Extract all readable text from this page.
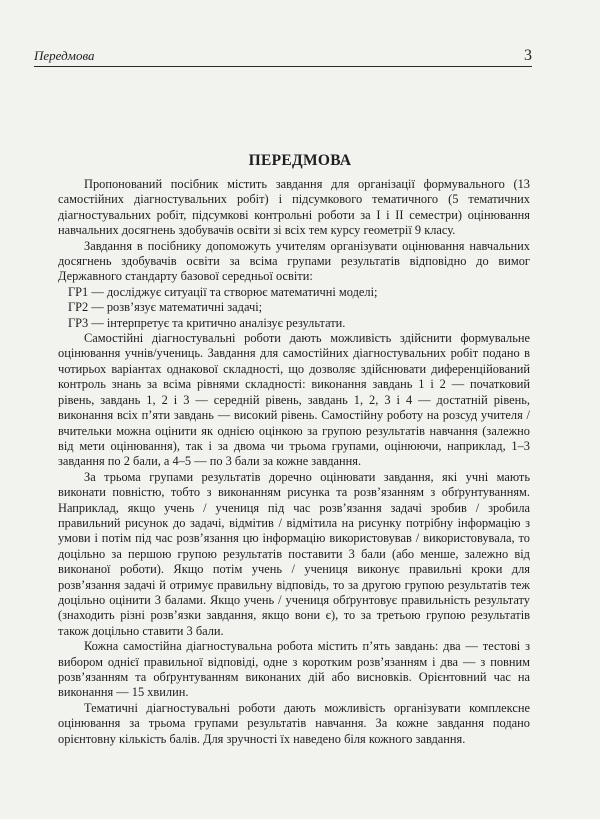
Передмова	3
ПЕРЕДМОВА

Пропонований посібник містить завдання для організації формувального (13 самостійних діагностувальних робіт) і підсумкового тематичного (5 тематичних діагностувальних робіт, підсумкові контрольні роботи за I і II семестри) оцінювання навчальних досягнень здобувачів освіти зі всіх тем курсу геометрії 9 класу.

Завдання в посібнику допоможуть учителям організувати оцінювання навчальних досягнень здобувачів освіти за всіма групами результатів відповідно до вимог Державного стандарту базової середньої освіти:

ГР1 — досліджує ситуації та створює математичні моделі;

ГР2 — розв’язує математичні задачі;

ГР3 — інтерпретує та критично аналізує результати.

Самостійні діагностувальні роботи дають можливість здійснити формувальне оцінювання учнів/учениць. Завдання для самостійних діагностувальних робіт подано в чотирьох варіантах однакової складності, що дозволяє здійснювати диференційований контроль знань за всіма рівнями складності: виконання завдань 1 і 2 — початковий рівень, завдань 1, 2 і 3 — середній рівень, завдань 1, 2, 3 і 4 — достатній рівень, виконання всіх п’яти завдань — високий рівень. Самостійну роботу на розсуд учителя / вчительки можна оцінити як однією оцінкою за групою результатів навчання (залежно від мети оцінювання), так і за двома чи трьома групами, оцінюючи, наприклад, 1–3 завдання по 2 бали, а 4–5 — по 3 бали за кожне завдання.

За трьома групами результатів доречно оцінювати завдання, які учні мають виконати повністю, тобто з виконанням рисунка та розв’язанням з обґрунтуванням. Наприклад, якщо учень / учениця під час розв’язання задачі зробив / зробила правильний рисунок до задачі, відмітив / відмітила на рисунку потрібну інформацію з умови і потім під час розв’язання цю інформацію використовував / використовувала, то доцільно за першою групою результатів поставити 3 бали (або менше, залежно від виконаної роботи). Якщо потім учень / учениця виконує правильні кроки для розв’язання задачі й отримує правильну відповідь, то за другою групою результатів теж доцільно оцінити 3 балами. Якщо учень / учениця обґрунтовує правильність результату (знаходить різні розв’язки завдання, якщо вони є), то за третьою групою результатів також доцільно ставити 3 бали.

Кожна самостійна діагностувальна робота містить п’ять завдань: два — тестові з вибором однієї правильної відповіді, одне з коротким розв’язанням і два — з повним розв’язанням та обґрунтуванням виконаних дій або висновків. Орієнтовний час на виконання — 15 хвилин.

Тематичні діагностувальні роботи дають можливість організувати комплексне оцінювання за трьома групами результатів навчання. За кожне завдання подано орієнтовну кількість балів. Для зручності їх наведено біля кожного завдання.
